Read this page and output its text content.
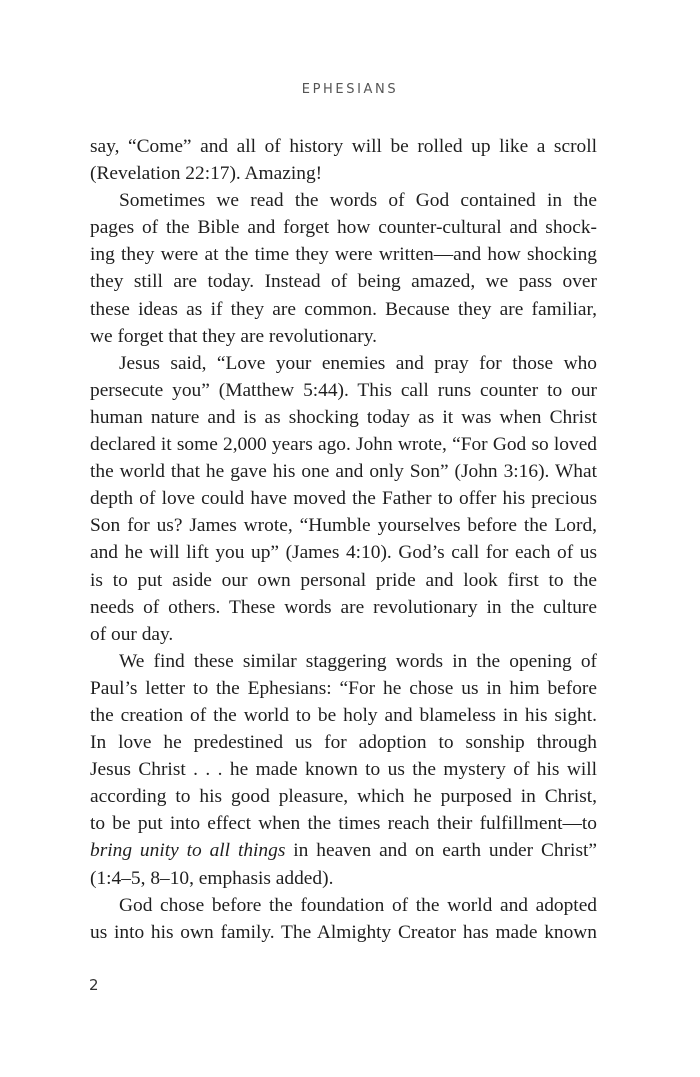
EPHESIANS
say, “Come” and all of history will be rolled up like a scroll
(Revelation 22:17). Amazing!
Sometimes we read the words of God contained in the
pages of the Bible and forget how counter-cultural and shock-
ing they were at the time they were written—and how shocking
they still are today. Instead of being amazed, we pass over
these ideas as if they are common. Because they are familiar,
we forget that they are revolutionary.
Jesus said, “Love your enemies and pray for those who
persecute you” (Matthew 5:44). This call runs counter to our
human nature and is as shocking today as it was when Christ
declared it some 2,000 years ago. John wrote, “For God so loved
the world that he gave his one and only Son” (John 3:16). What
depth of love could have moved the Father to offer his precious
Son for us? James wrote, “Humble yourselves before the Lord,
and he will lift you up” (James 4:10). God’s call for each of us
is to put aside our own personal pride and look first to the
needs of others. These words are revolutionary in the culture
of our day.
We find these similar staggering words in the opening of
Paul’s letter to the Ephesians: “For he chose us in him before
the creation of the world to be holy and blameless in his sight.
In love he predestined us for adoption to sonship through
Jesus Christ . . . he made known to us the mystery of his will
according to his good pleasure, which he purposed in Christ,
to be put into effect when the times reach their fulfillment—to
bring unity to all things in heaven and on earth under Christ”
(1:4–5, 8–10, emphasis added).
God chose before the foundation of the world and adopted
us into his own family. The Almighty Creator has made known
2
